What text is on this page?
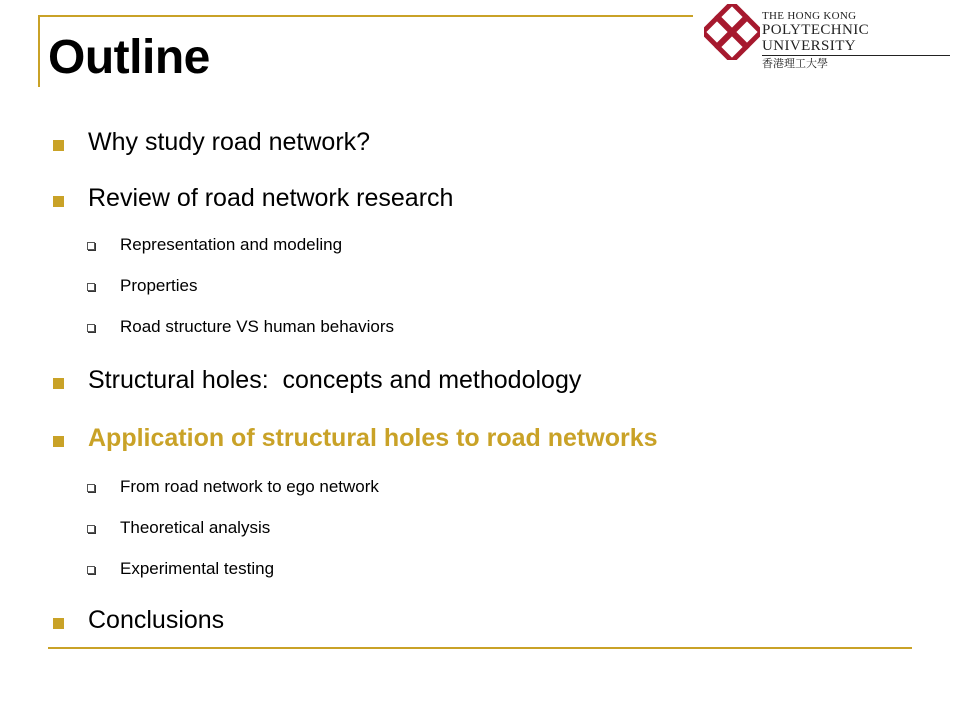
Outline
THE HONG KONG
POLYTECHNIC UNIVERSITY
香港理工大學
Why study road network?
Review of road network research
Representation and modeling
Properties
Road structure VS human behaviors
Structural holes:  concepts and methodology
Application of structural holes to road networks
From road network to ego network
Theoretical analysis
Experimental testing
Conclusions
